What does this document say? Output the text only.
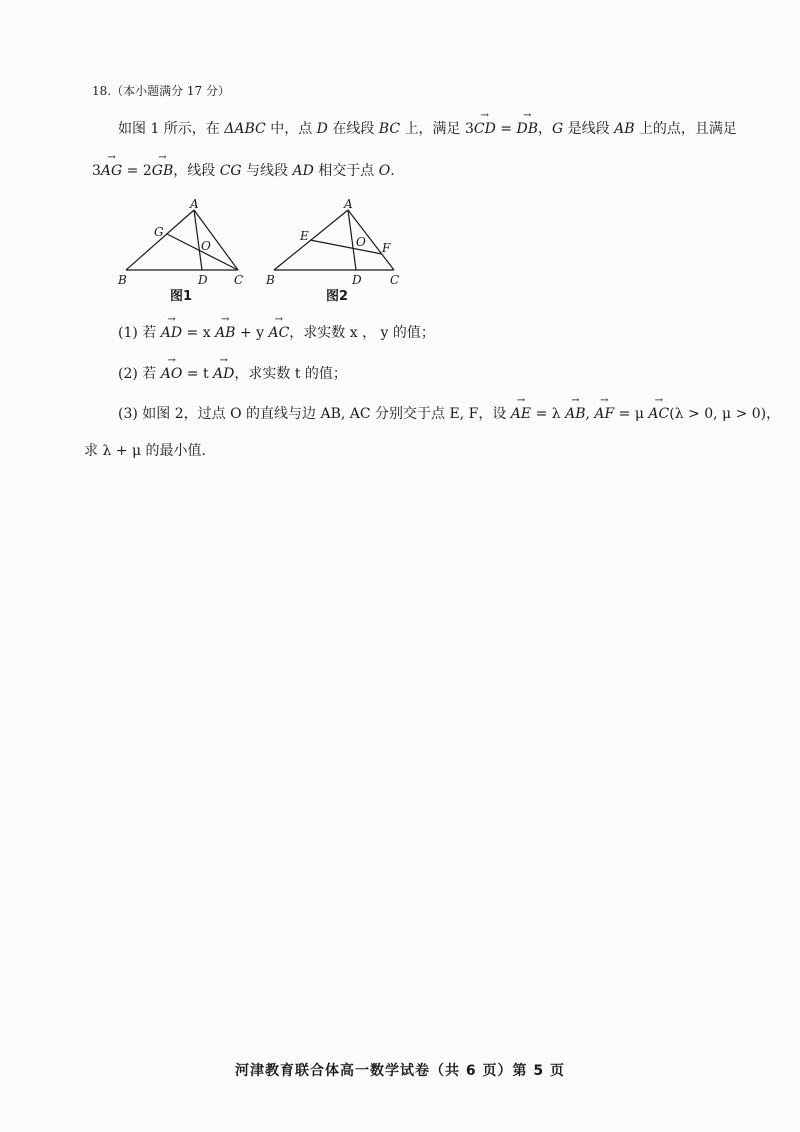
18.（本小题满分 17 分）
如图 1 所示，在 ΔABC 中，点 D 在线段 BC 上，满足 3→ CD = → DB，G 是线段 AB 上的点，且满足
3→ AG = 2→ GB，线段 CG 与线段 AD 相交于点 O.
A
B	C
D
G
O
图1
A
B	C
D
E
F
O
图2
(1) 若 → AD = x → AB + y → AC，求实数 x ， y 的值；
(2) 若 → AO = t → AD，求实数 t 的值；
(3) 如图 2，过点 O 的直线与边 AB, AC 分别交于点 E, F，设 → AE = λ → AB, → AF = μ → AC(λ > 0, μ > 0)，
求 λ + μ 的最小值.
河津教育联合体高一数学试卷（共 6 页）第 5 页
